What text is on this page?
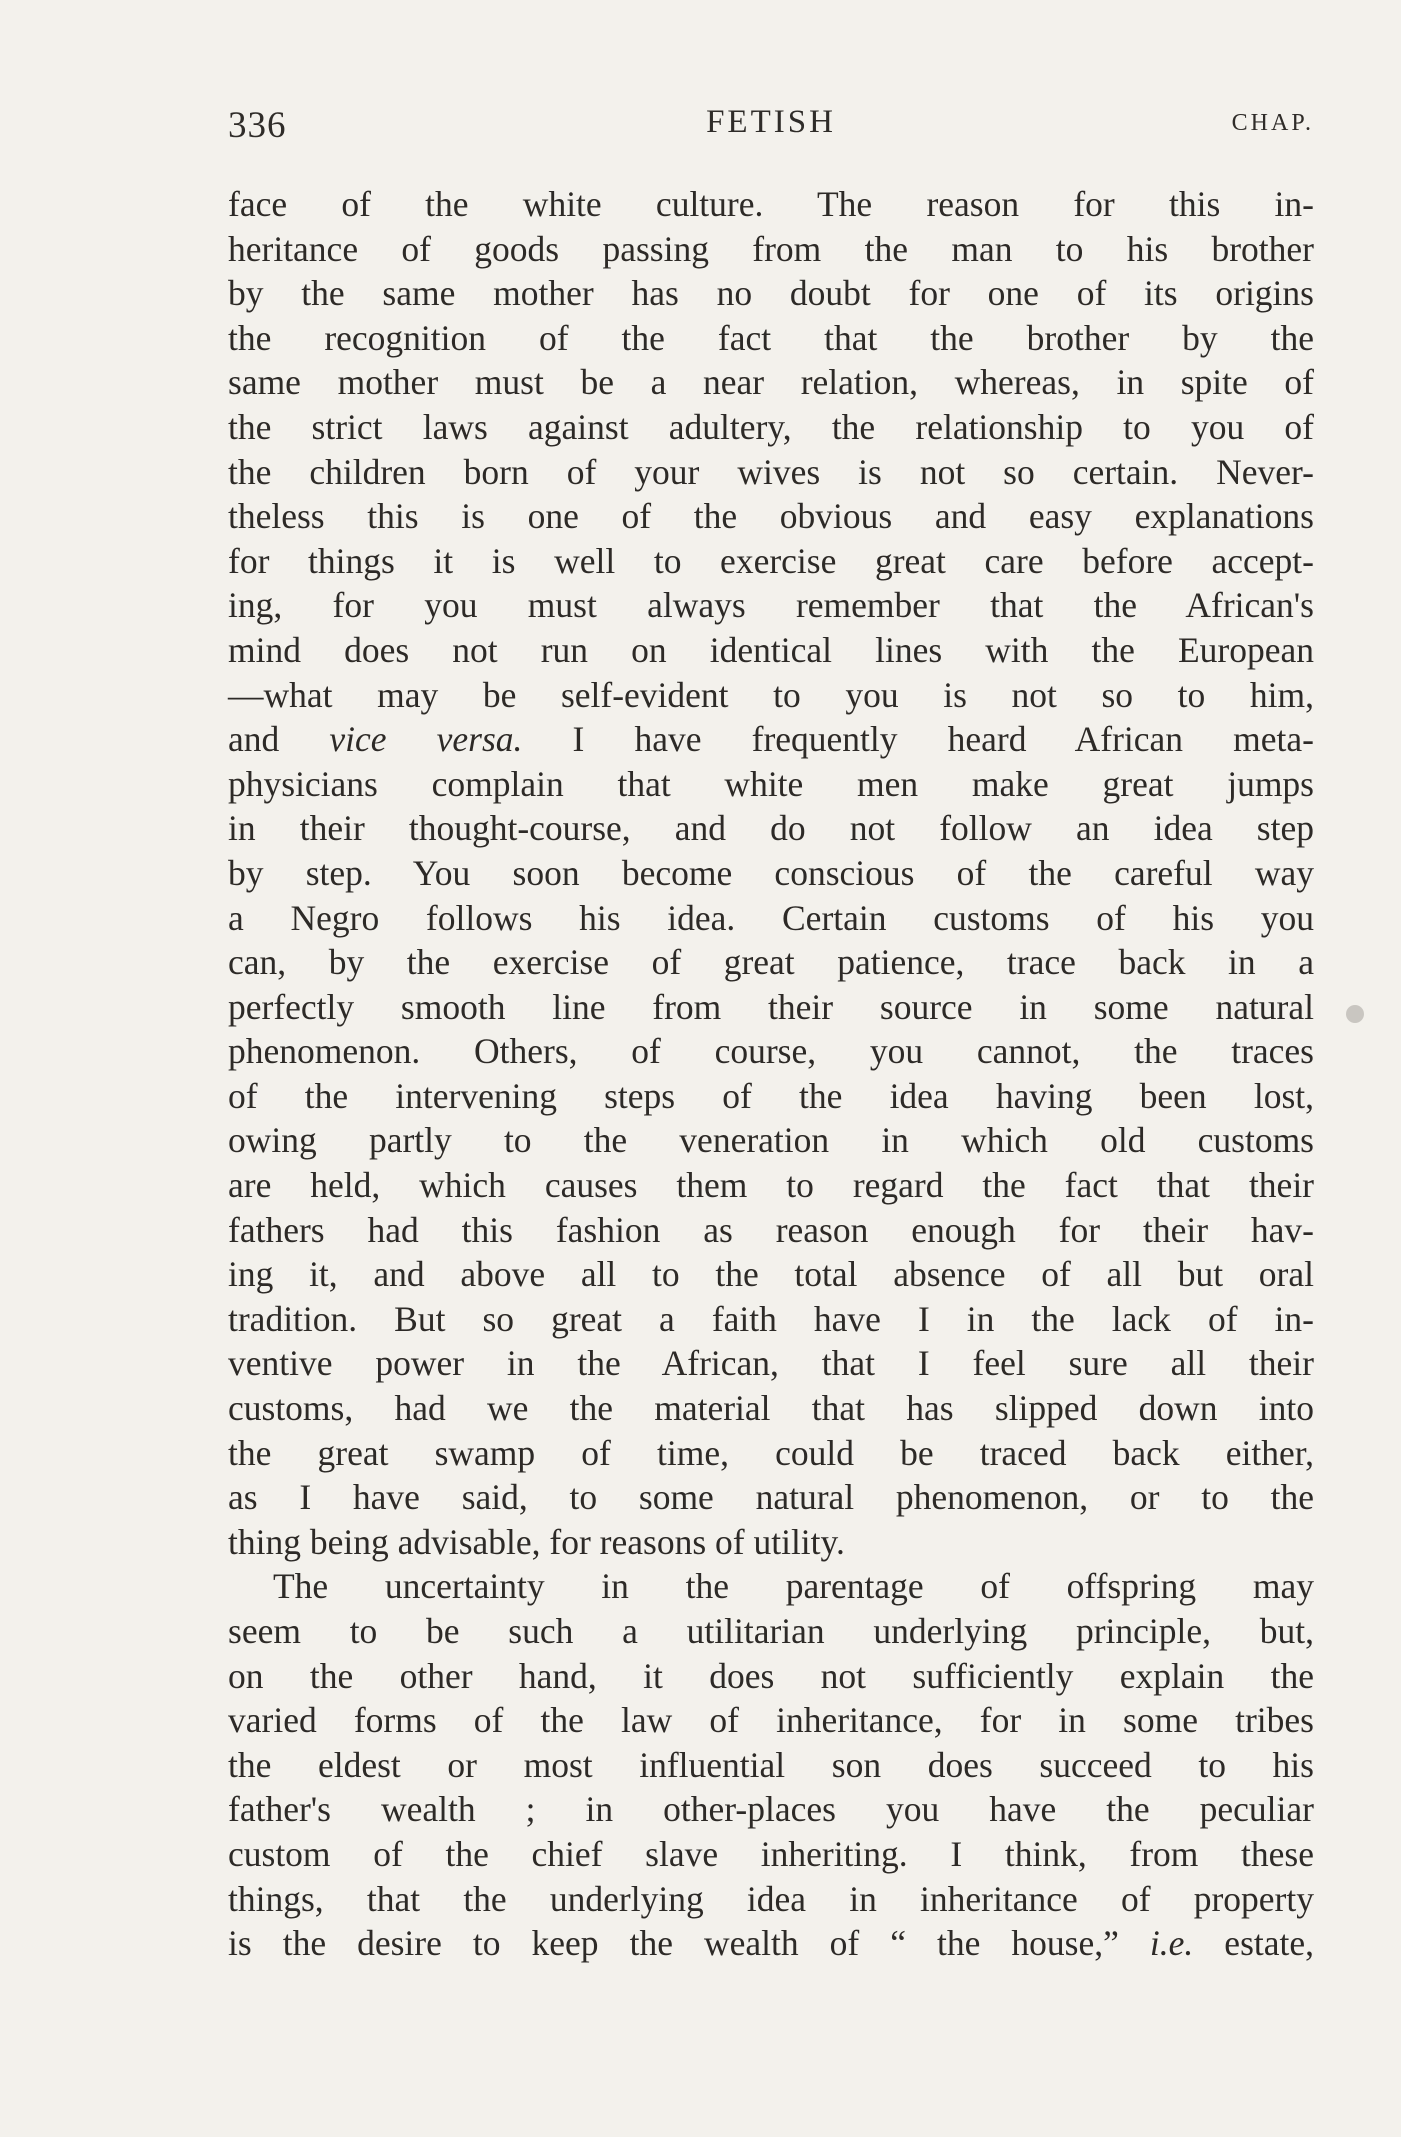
336	FETISH	CHAP.
face of the white culture. The reason for this in-
heritance of goods passing from the man to his brother
by the same mother has no doubt for one of its origins
the recognition of the fact that the brother by the
same mother must be a near relation, whereas, in spite of
the strict laws against adultery, the relationship to you of
the children born of your wives is not so certain. Never-
theless this is one of the obvious and easy explanations
for things it is well to exercise great care before accept-
ing, for you must always remember that the African's
mind does not run on identical lines with the European
—what may be self-evident to you is not so to him,
and vice versa. I have frequently heard African meta-
physicians complain that white men make great jumps
in their thought-course, and do not follow an idea step
by step. You soon become conscious of the careful way
a Negro follows his idea. Certain customs of his you
can, by the exercise of great patience, trace back in a
perfectly smooth line from their source in some natural
phenomenon. Others, of course, you cannot, the traces
of the intervening steps of the idea having been lost,
owing partly to the veneration in which old customs
are held, which causes them to regard the fact that their
fathers had this fashion as reason enough for their hav-
ing it, and above all to the total absence of all but oral
tradition. But so great a faith have I in the lack of in-
ventive power in the African, that I feel sure all their
customs, had we the material that has slipped down into
the great swamp of time, could be traced back either,
as I have said, to some natural phenomenon, or to the
thing being advisable, for reasons of utility.
The uncertainty in the parentage of offspring may
seem to be such a utilitarian underlying principle, but,
on the other hand, it does not sufficiently explain the
varied forms of the law of inheritance, for in some tribes
the eldest or most influential son does succeed to his
father's wealth ; in other-places you have the peculiar
custom of the chief slave inheriting. I think, from these
things, that the underlying idea in inheritance of property
is the desire to keep the wealth of “ the house,” i.e. estate,
